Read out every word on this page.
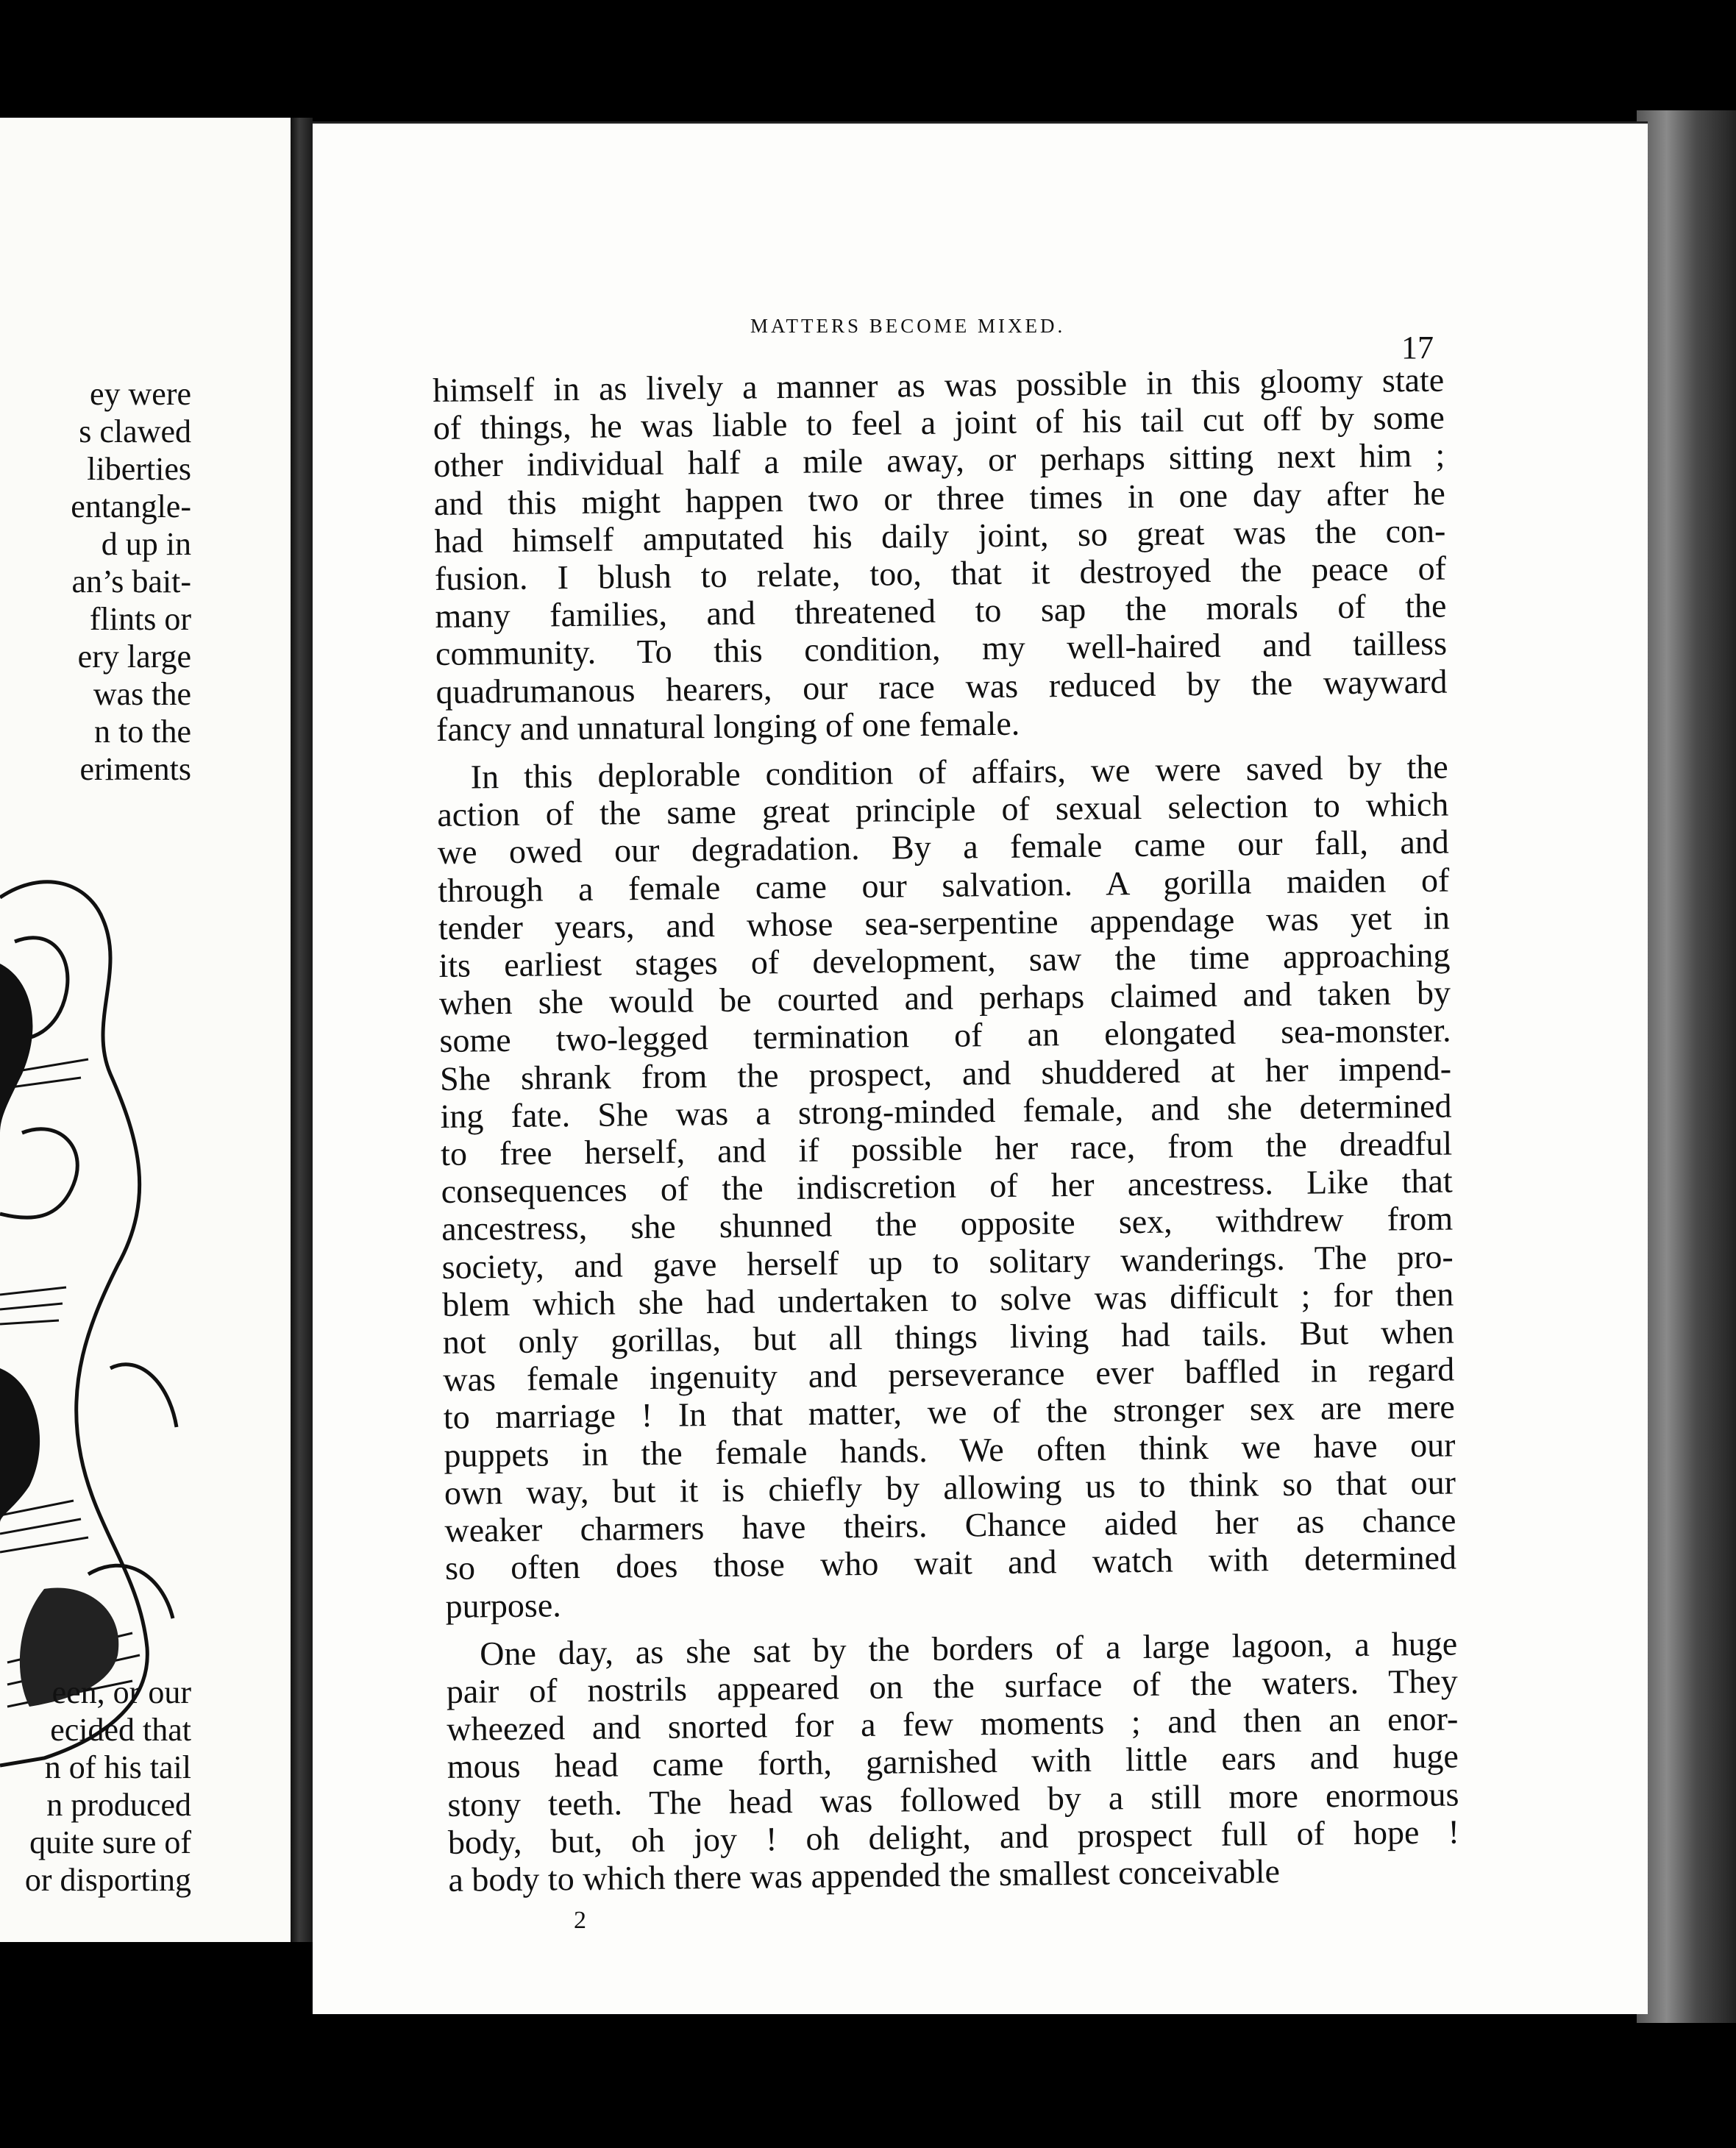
ey were
s clawed
liberties
entangle-
d up in
an’s bait-
flints or
ery large
was the
n to the
eriments
een, or our
ecided that
n of his tail
n produced
quite sure of
or disporting
MATTERS BECOME MIXED.
17
himself in as lively a manner as was possible in this gloomy state
of things, he was liable to feel a joint of his tail cut off by some
other individual half a mile away, or perhaps sitting next him ;
and this might happen two or three times in one day after he
had himself amputated his daily joint, so great was the con-
fusion. I blush to relate, too, that it destroyed the peace of
many families, and threatened to sap the morals of the
community. To this condition, my well-haired and tailless
quadrumanous hearers, our race was reduced by the wayward
fancy and unnatural longing of one female.
In this deplorable condition of affairs, we were saved by the
action of the same great principle of sexual selection to which
we owed our degradation. By a female came our fall, and
through a female came our salvation. A gorilla maiden of
tender years, and whose sea-serpentine appendage was yet in
its earliest stages of development, saw the time approaching
when she would be courted and perhaps claimed and taken by
some two-legged termination of an elongated sea-monster.
She shrank from the prospect, and shuddered at her impend-
ing fate. She was a strong-minded female, and she determined
to free herself, and if possible her race, from the dreadful
consequences of the indiscretion of her ancestress. Like that
ancestress, she shunned the opposite sex, withdrew from
society, and gave herself up to solitary wanderings. The pro-
blem which she had undertaken to solve was difficult ; for then
not only gorillas, but all things living had tails. But when
was female ingenuity and perseverance ever baffled in regard
to marriage ! In that matter, we of the stronger sex are mere
puppets in the female hands. We often think we have our
own way, but it is chiefly by allowing us to think so that our
weaker charmers have theirs. Chance aided her as chance
so often does those who wait and watch with determined
purpose.
One day, as she sat by the borders of a large lagoon, a huge
pair of nostrils appeared on the surface of the waters. They
wheezed and snorted for a few moments ; and then an enor-
mous head came forth, garnished with little ears and huge
stony teeth. The head was followed by a still more enormous
body, but, oh joy ! oh delight, and prospect full of hope !
a body to which there was appended the smallest conceivable
2
